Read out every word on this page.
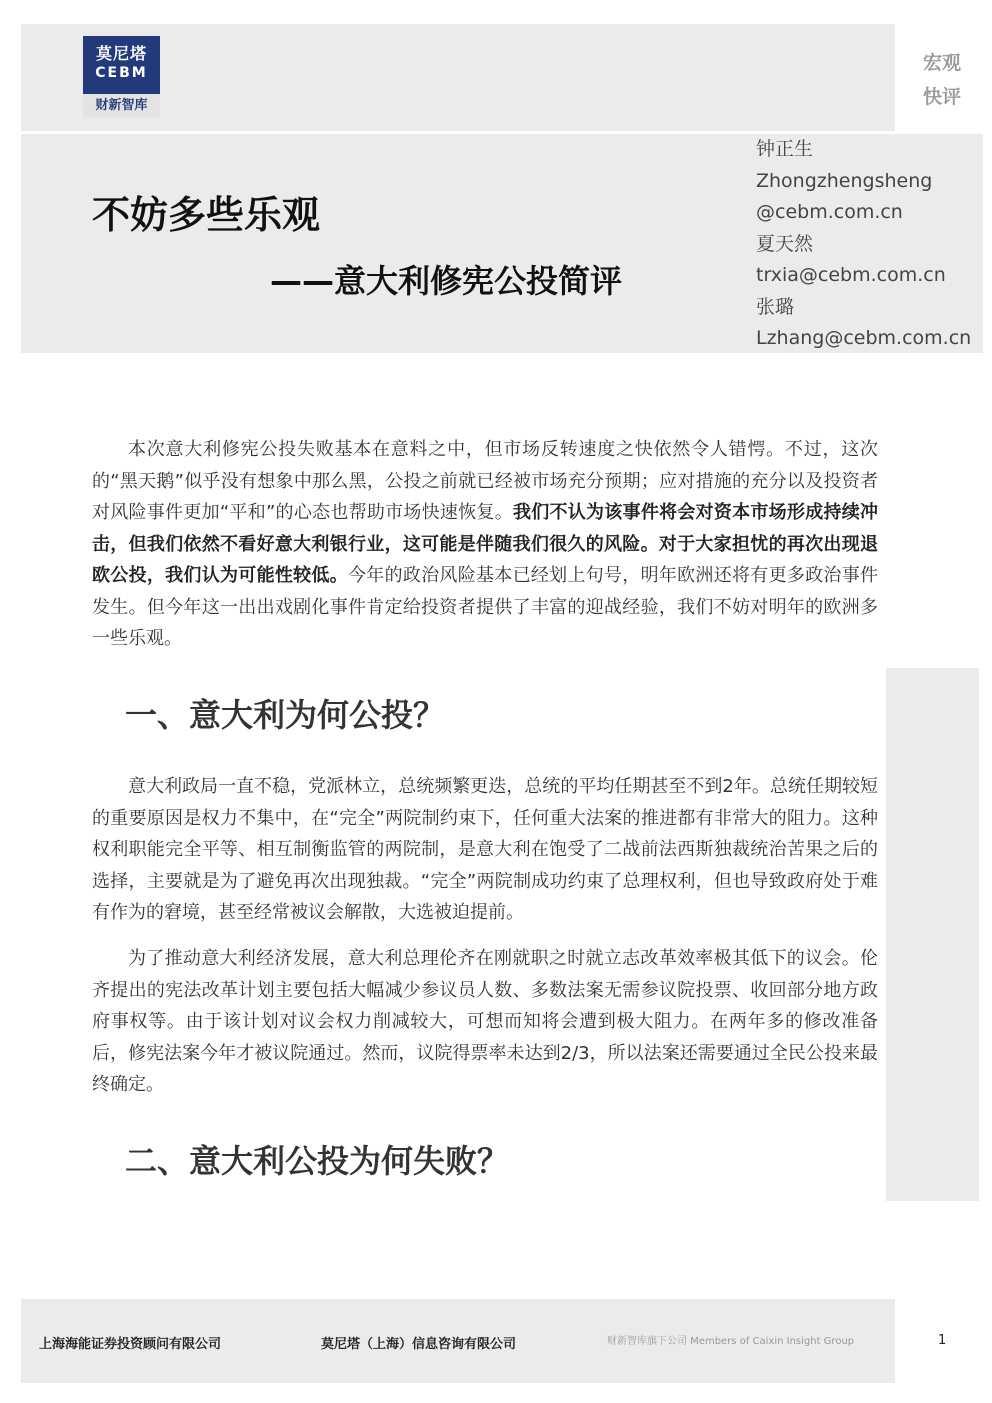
莫尼塔
CEBM
财新智库
宏观快评
不妨多些乐观
——意大利修宪公投简评
钟正生
Zhongzhengsheng
@cebm.com.cn
夏天然
trxia@cebm.com.cn
张璐
Lzhang@cebm.com.cn

本次意大利修宪公投失败基本在意料之中，但市场反转速度之快依然令人错愕。不过，这次的“黑天鹅”似乎没有想象中那么黑，公投之前就已经被市场充分预期；应对措施的充分以及投资者对风险事件更加“平和”的心态也帮助市场快速恢复。我们不认为该事件将会对资本市场形成持续冲击，但我们依然不看好意大利银行业，这可能是伴随我们很久的风险。对于大家担忧的再次出现退欧公投，我们认为可能性较低。今年的政治风险基本已经划上句号，明年欧洲还将有更多政治事件发生。但今年这一出出戏剧化事件肯定给投资者提供了丰富的迎战经验，我们不妨对明年的欧洲多一些乐观。

一、意大利为何公投？

意大利政局一直不稳，党派林立，总统频繁更迭，总统的平均任期甚至不到2年。总统任期较短的重要原因是权力不集中，在“完全”两院制约束下，任何重大法案的推进都有非常大的阻力。这种权利职能完全平等、相互制衡监管的两院制，是意大利在饱受了二战前法西斯独裁统治苦果之后的选择，主要就是为了避免再次出现独裁。“完全”两院制成功约束了总理权利，但也导致政府处于难有作为的窘境，甚至经常被议会解散，大选被迫提前。

为了推动意大利经济发展，意大利总理伦齐在刚就职之时就立志改革效率极其低下的议会。伦齐提出的宪法改革计划主要包括大幅减少参议员人数、多数法案无需参议院投票、收回部分地方政府事权等。由于该计划对议会权力削减较大，可想而知将会遭到极大阻力。在两年多的修改准备后，修宪法案今年才被议院通过。然而，议院得票率未达到2/3，所以法案还需要通过全民公投来最终确定。

二、意大利公投为何失败？
上海海能证券投资顾问有限公司	莫尼塔（上海）信息咨询有限公司	财新智库旗下公司 Members of Caixin Insight Group	1
